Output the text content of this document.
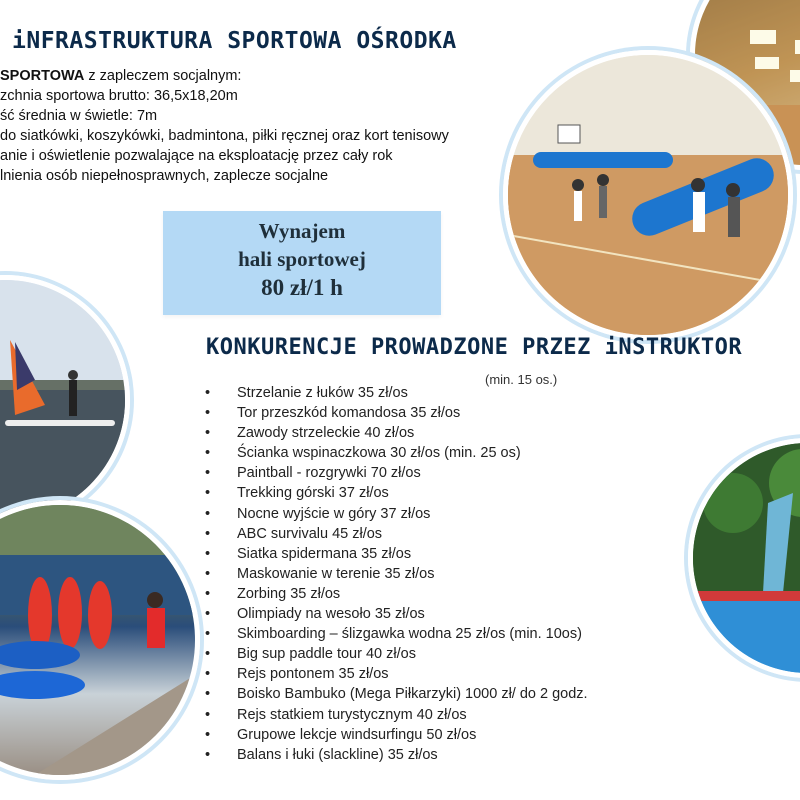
iNFRASTRUKTURA SPORTOWA OŚRODKA
SPORTOWA z zapleczem socjalnym:
zchnia sportowa brutto: 36,5x18,20m
ść średnia w świetle: 7m
do siatkówki, koszykówki, badmintona, piłki ręcznej oraz kort tenisowy
anie i oświetlenie pozwalające na eksploatację przez cały rok
lnienia osób niepełnosprawnych, zaplecze socjalne
Wynajem
hali sportowej
80 zł/1 h
KONKURENCJE PROWADZONE PRZEZ iNSTRUKTOR
(min. 15 os.)
• Strzelanie z łuków 35 zł/os
• Tor przeszkód komandosa 35 zł/os
• Zawody strzeleckie 40 zł/os
• Ścianka wspinaczkowa 30 zł/os (min. 25 os)
• Paintball - rozgrywki 70 zł/os
• Trekking górski 37 zł/os
• Nocne wyjście w góry 37 zł/os
• ABC survivalu 45 zł/os
• Siatka spidermana 35 zł/os
• Maskowanie w terenie 35 zł/os
• Zorbing 35 zł/os
• Olimpiady na wesoło 35 zł/os
• Skimboarding – ślizgawka wodna 25 zł/os (min. 10os)
• Big sup paddle tour 40 zł/os
• Rejs pontonem 35 zł/os
• Boisko Bambuko (Mega Piłkarzyki) 1000 zł/ do 2 godz.
• Rejs statkiem turystycznym 40 zł/os
• Grupowe lekcje windsurfingu 50 zł/os
• Balans i łuki (slackline) 35 zł/os
